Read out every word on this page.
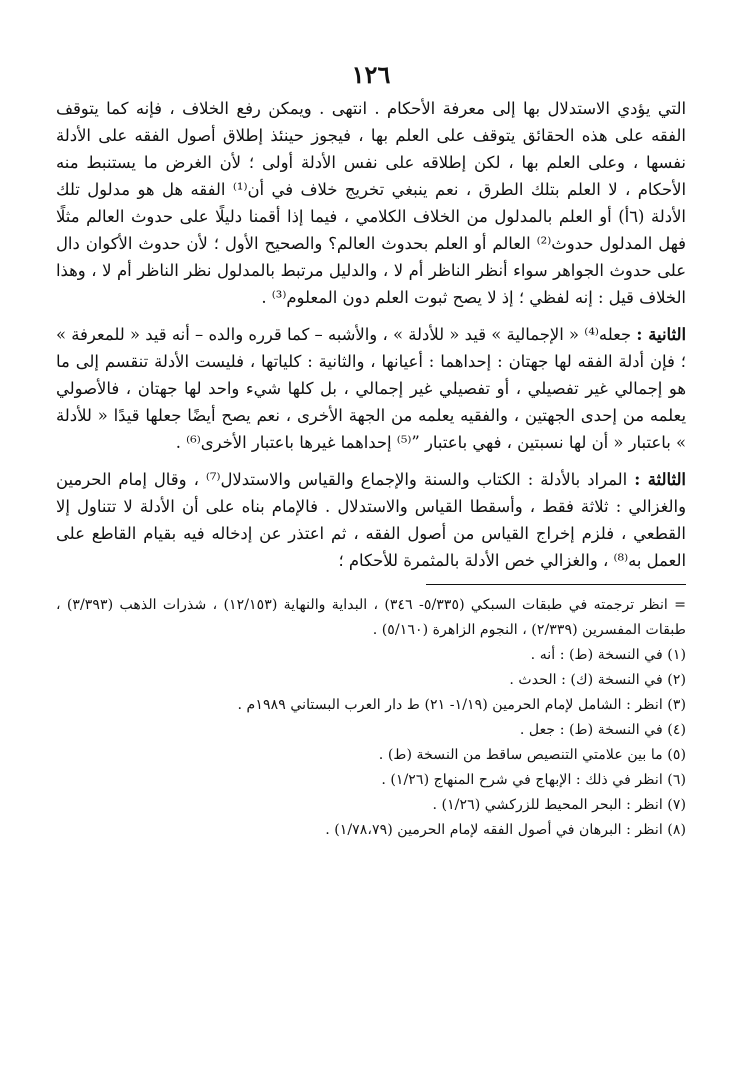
١٢٦

التي يؤدي الاستدلال بها إلى معرفة الأحكام . انتهى . ويمكن رفع الخلاف ، فإنه كما يتوقف الفقه على هذه الحقائق يتوقف على العلم بها ، فيجوز حينئذ إطلاق أصول الفقه على الأدلة نفسها ، وعلى العلم بها ، لكن إطلاقه على نفس الأدلة أولى ؛ لأن الغرض ما يستنبط منه الأحكام ، لا العلم بتلك الطرق ، نعم ينبغي تخريج خلاف في أن⁽¹⁾ الفقه هل هو مدلول تلك الأدلة (٦أ) أو العلم بالمدلول من الخلاف الكلامي ، فيما إذا أقمنا دليلًا على حدوث العالم مثلًا فهل المدلول حدوث⁽²⁾ العالم أو العلم بحدوث العالم؟ والصحيح الأول ؛ لأن حدوث الأكوان دال على حدوث الجواهر سواء أنظر الناظر أم لا ، والدليل مرتبط بالمدلول نظر الناظر أم لا ، وهذا الخلاف قيل : إنه لفظي ؛ إذ لا يصح ثبوت العلم دون المعلوم⁽³⁾ .

الثانية : جعله⁽⁴⁾ « الإجمالية » قيد « للأدلة » ، والأشبه – كما قرره والده – أنه قيد « للمعرفة » ؛ فإن أدلة الفقه لها جهتان : إحداهما : أعيانها ، والثانية : كلياتها ، فليست الأدلة تنقسم إلى ما هو إجمالي غير تفصيلي ، أو تفصيلي غير إجمالي ، بل كلها شيء واحد لها جهتان ، فالأصولي يعلمه من إحدى الجهتين ، والفقيه يعلمه من الجهة الأخرى ، نعم يصح أيضًا جعلها قيدًا « للأدلة » باعتبار « أن لها نسبتين ، فهي باعتبار ”⁽⁵⁾ إحداهما غيرها باعتبار الأخرى⁽⁶⁾ .

الثالثة : المراد بالأدلة : الكتاب والسنة والإجماع والقياس والاستدلال⁽⁷⁾ ، وقال إمام الحرمين والغزالي : ثلاثة فقط ، وأسقطا القياس والاستدلال . فالإمام بناه على أن الأدلة لا تتناول إلا القطعي ، فلزم إخراج القياس من أصول الفقه ، ثم اعتذر عن إدخاله فيه بقيام القاطع على العمل به⁽⁸⁾ ، والغزالي خص الأدلة بالمثمرة للأحكام ؛

= انظر ترجمته في طبقات السبكي (٥/٣٣٥- ٣٤٦) ، البداية والنهاية (١٢/١٥٣) ، شذرات الذهب (٣/٣٩٣) ، طبقات المفسرين (٢/٣٣٩) ، النجوم الزاهرة (٥/١٦٠) .
(١) في النسخة (ط) : أنه .
(٢) في النسخة (ك) : الحدث .
(٣) انظر : الشامل لإمام الحرمين (١/١٩- ٢١) ط دار العرب البستاني ١٩٨٩م .
(٤) في النسخة (ط) : جعل .
(٥) ما بين علامتي التنصيص ساقط من النسخة (ط) .
(٦) انظر في ذلك : الإبهاج في شرح المنهاج (١/٢٦) .
(٧) انظر : البحر المحيط للزركشي (١/٢٦) .
(٨) انظر : البرهان في أصول الفقه لإمام الحرمين (١/٧٨،٧٩) .
